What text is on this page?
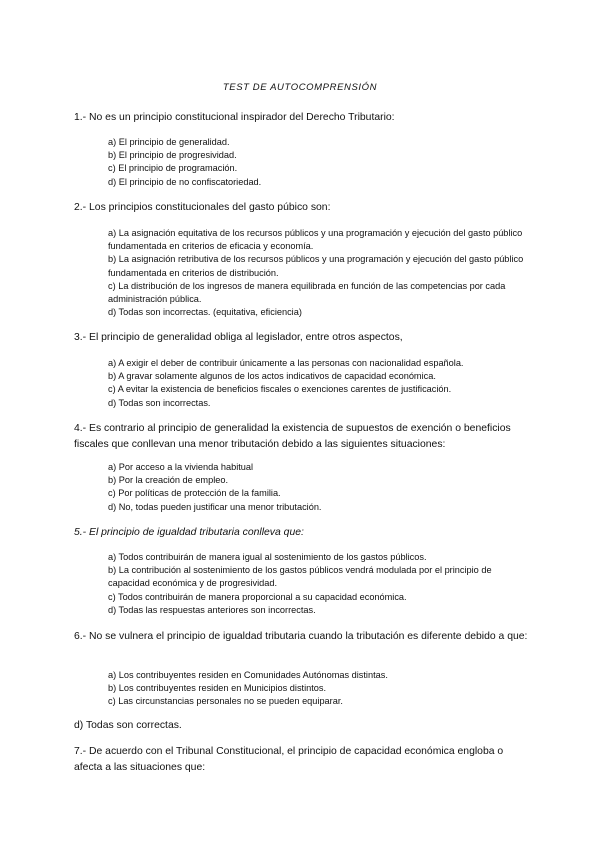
TEST DE AUTOCOMPRENSIÓN
1.- No es un principio constitucional inspirador del Derecho Tributario:

a) El principio de generalidad.

b) El principio de progresividad.

c) El principio de programación.

d) El principio de no confiscatoriedad.

2.- Los principios constitucionales del gasto púbico son:

a) La asignación equitativa de los recursos públicos y una programación y ejecución del gasto público fundamentada en criterios de eficacia y economía.

b) La asignación retributiva de los recursos públicos y una programación y ejecución del gasto público fundamentada en criterios de distribución.

c) La distribución de los ingresos de manera equilibrada en función de las competencias por cada administración pública.

d) Todas son incorrectas. (equitativa, eficiencia)

3.- El principio de generalidad obliga al legislador, entre otros aspectos,

a) A exigir el deber de contribuir únicamente a las personas con nacionalidad española.

b) A gravar solamente algunos de los actos indicativos de capacidad económica.

c) A evitar la existencia de beneficios fiscales o exenciones carentes de justificación.

d) Todas son incorrectas.

4.- Es contrario al principio de generalidad la existencia de supuestos de exención o beneficios fiscales que conllevan una menor tributación debido a las siguientes situaciones:

a) Por acceso a la vivienda habitual

b) Por la creación de empleo.

c) Por políticas de protección de la familia.

d) No, todas pueden justificar una menor tributación.

5.- El principio de igualdad tributaria conlleva que:

a) Todos contribuirán de manera igual al sostenimiento de los gastos públicos.

b) La contribución al sostenimiento de los gastos públicos vendrá modulada por el principio de capacidad económica y de progresividad.

c) Todos contribuirán de manera proporcional a su capacidad económica.

d) Todas las respuestas anteriores son incorrectas.

6.- No se vulnera el principio de igualdad tributaria cuando la tributación es diferente debido a que:

a) Los contribuyentes residen en Comunidades Autónomas distintas.

b) Los contribuyentes residen en Municipios distintos.

c) Las circunstancias personales no se pueden equiparar.

d) Todas son correctas.
7.- De acuerdo con el Tribunal Constitucional, el principio de capacidad económica engloba o afecta a las situaciones que:
